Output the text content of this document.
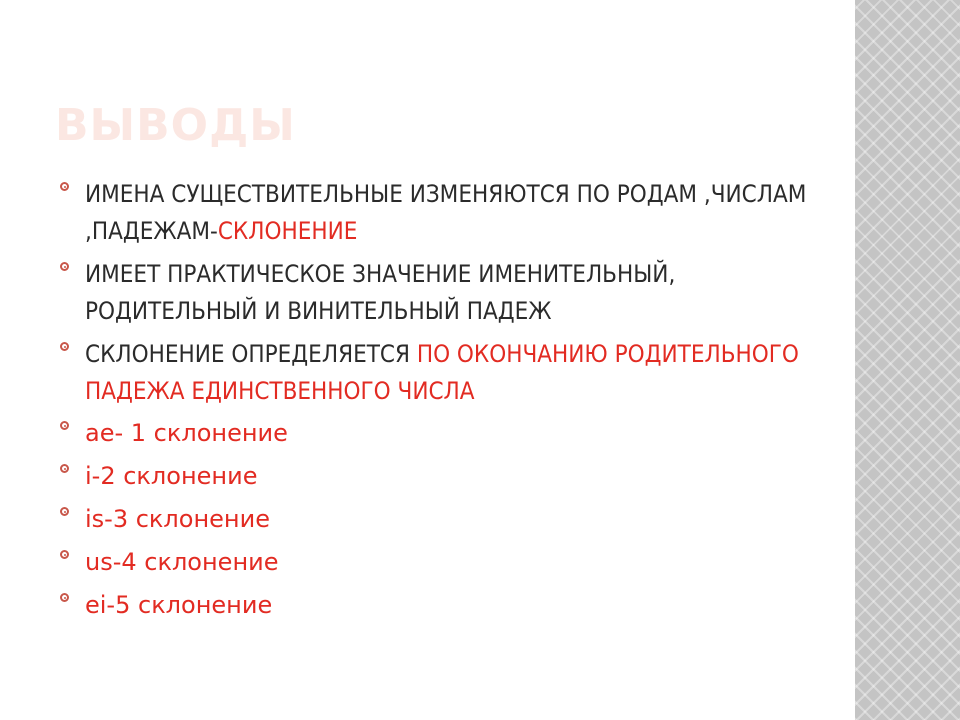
ВЫВОДЫ
ИМЕНА СУЩЕСТВИТЕЛЬНЫЕ ИЗМЕНЯЮТСЯ ПО РОДАМ ,ЧИСЛАМ ,ПАДЕЖАМ-СКЛОНЕНИЕ
ИМЕЕТ ПРАКТИЧЕСКОЕ ЗНАЧЕНИЕ ИМЕНИТЕЛЬНЫЙ, РОДИТЕЛЬНЫЙ И ВИНИТЕЛЬНЫЙ ПАДЕЖ
СКЛОНЕНИЕ ОПРЕДЕЛЯЕТСЯ ПО ОКОНЧАНИЮ РОДИТЕЛЬНОГО ПАДЕЖА ЕДИНСТВЕННОГО ЧИСЛА
ae- 1 склонение
i-2 склонение
is-3 склонение
us-4 склонение
ei-5 склонение
